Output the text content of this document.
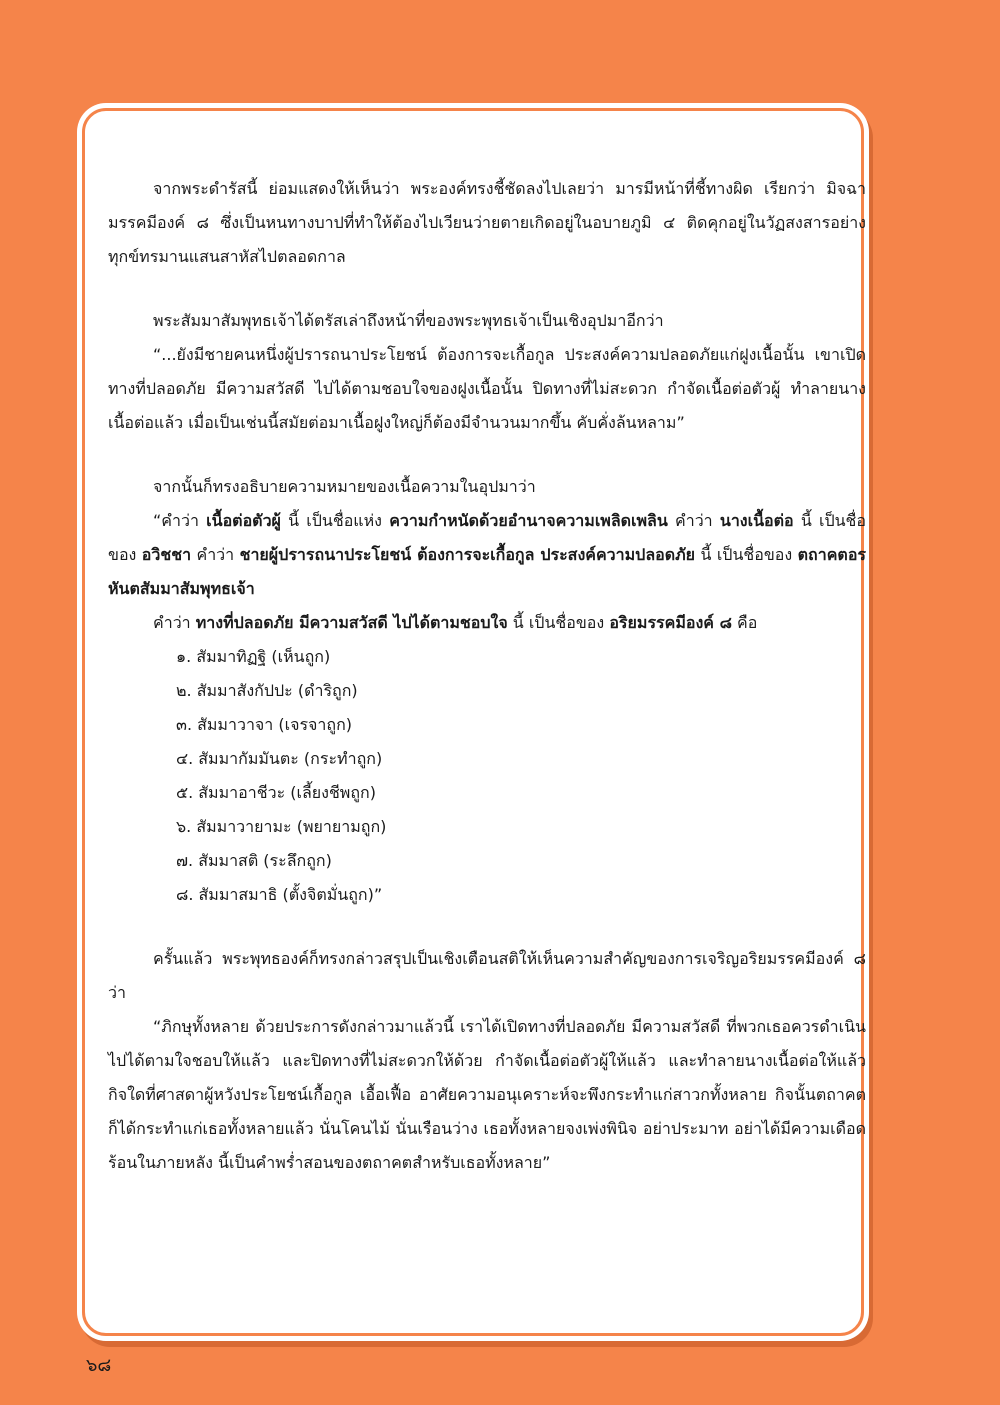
จากพระดำรัสนี้ ย่อมแสดงให้เห็นว่า พระองค์ทรงชี้ชัดลงไปเลยว่า มารมีหน้าที่ชี้ทางผิด เรียกว่า มิจฉามรรคมีองค์ ๘ ซึ่งเป็นหนทางบาปที่ทำให้ต้องไปเวียนว่ายตายเกิดอยู่ในอบายภูมิ ๔ ติดคุกอยู่ในวัฏสงสารอย่างทุกข์ทรมานแสนสาหัสไปตลอดกาล

พระสัมมาสัมพุทธเจ้าได้ตรัสเล่าถึงหน้าที่ของพระพุทธเจ้าเป็นเชิงอุปมาอีกว่า

“...ยังมีชายคนหนึ่งผู้ปรารถนาประโยชน์ ต้องการจะเกื้อกูล ประสงค์ความปลอดภัยแก่ฝูงเนื้อนั้น เขาเปิดทางที่ปลอดภัย มีความสวัสดี ไปได้ตามชอบใจของฝูงเนื้อนั้น ปิดทางที่ไม่สะดวก กำจัดเนื้อต่อตัวผู้ ทำลายนางเนื้อต่อแล้ว เมื่อเป็นเช่นนี้สมัยต่อมาเนื้อฝูงใหญ่ก็ต้องมีจำนวนมากขึ้น คับคั่งล้นหลาม”

จากนั้นก็ทรงอธิบายความหมายของเนื้อความในอุปมาว่า

“คำว่า เนื้อต่อตัวผู้ นี้ เป็นชื่อแห่ง ความกำหนัดด้วยอำนาจความเพลิดเพลิน คำว่า นางเนื้อต่อ นี้ เป็นชื่อของ อวิชชา คำว่า ชายผู้ปรารถนาประโยชน์ ต้องการจะเกื้อกูล ประสงค์ความปลอดภัย นี้ เป็นชื่อของ ตถาคตอรหันตสัมมาสัมพุทธเจ้า

คำว่า ทางที่ปลอดภัย มีความสวัสดี ไปได้ตามชอบใจ นี้ เป็นชื่อของ อริยมรรคมีองค์ ๘ คือ

๑. สัมมาทิฏฐิ (เห็นถูก)
๒. สัมมาสังกัปปะ (ดำริถูก)
๓. สัมมาวาจา (เจรจาถูก)
๔. สัมมากัมมันตะ (กระทำถูก)
๕. สัมมาอาชีวะ (เลี้ยงชีพถูก)
๖. สัมมาวายามะ (พยายามถูก)
๗. สัมมาสติ (ระลึกถูก)
๘. สัมมาสมาธิ (ตั้งจิตมั่นถูก)”

ครั้นแล้ว พระพุทธองค์ก็ทรงกล่าวสรุปเป็นเชิงเตือนสติให้เห็นความสำคัญของการเจริญอริยมรรคมีองค์ ๘ ว่า

“ภิกษุทั้งหลาย ด้วยประการดังกล่าวมาแล้วนี้ เราได้เปิดทางที่ปลอดภัย มีความสวัสดี ที่พวกเธอควรดำเนินไปได้ตามใจชอบให้แล้ว และปิดทางที่ไม่สะดวกให้ด้วย กำจัดเนื้อต่อตัวผู้ให้แล้ว และทำลายนางเนื้อต่อให้แล้ว กิจใดที่ศาสดาผู้หวังประโยชน์เกื้อกูล เอื้อเฟื้อ อาศัยความอนุเคราะห์จะพึงกระทำแก่สาวกทั้งหลาย กิจนั้นตถาคตก็ได้กระทำแก่เธอทั้งหลายแล้ว นั่นโคนไม้ นั่นเรือนว่าง เธอทั้งหลายจงเพ่งพินิจ อย่าประมาท อย่าได้มีความเดือดร้อนในภายหลัง นี้เป็นคำพร่ำสอนของตถาคตสำหรับเธอทั้งหลาย”

๖๘
